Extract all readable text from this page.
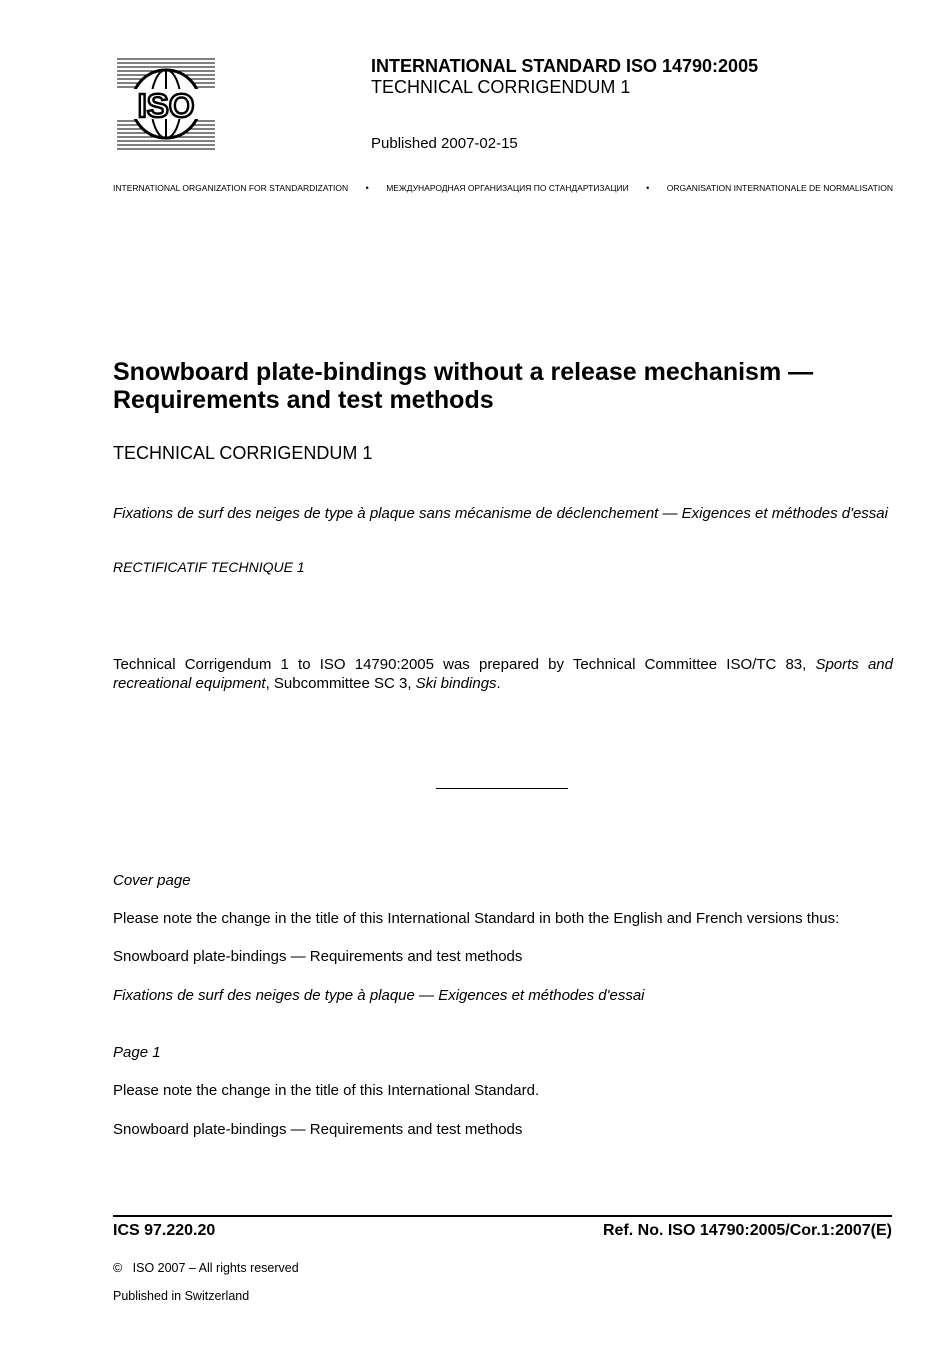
ISO
INTERNATIONAL STANDARD ISO 14790:2005
TECHNICAL CORRIGENDUM 1
Published 2007-02-15
INTERNATIONAL ORGANIZATION FOR STANDARDIZATION • МЕЖДУНАРОДНАЯ ОРГАНИЗАЦИЯ ПО СТАНДАРТИЗАЦИИ • ORGANISATION INTERNATIONALE DE NORMALISATION
Snowboard plate-bindings without a release mechanism —
Requirements and test methods
TECHNICAL CORRIGENDUM 1
Fixations de surf des neiges de type à plaque sans mécanisme de déclenchement — Exigences et méthodes d'essai
RECTIFICATIF TECHNIQUE 1
Technical Corrigendum 1 to ISO 14790:2005 was prepared by Technical Committee ISO/TC 83, Sports and recreational equipment, Subcommittee SC 3, Ski bindings.
Cover page
Please note the change in the title of this International Standard in both the English and French versions thus:
Snowboard plate-bindings — Requirements and test methods
Fixations de surf des neiges de type à plaque — Exigences et méthodes d'essai
Page 1
Please note the change in the title of this International Standard.
Snowboard plate-bindings — Requirements and test methods
ICS 97.220.20	Ref. No. ISO 14790:2005/Cor.1:2007(E)
© ISO 2007 – All rights reserved
Published in Switzerland
